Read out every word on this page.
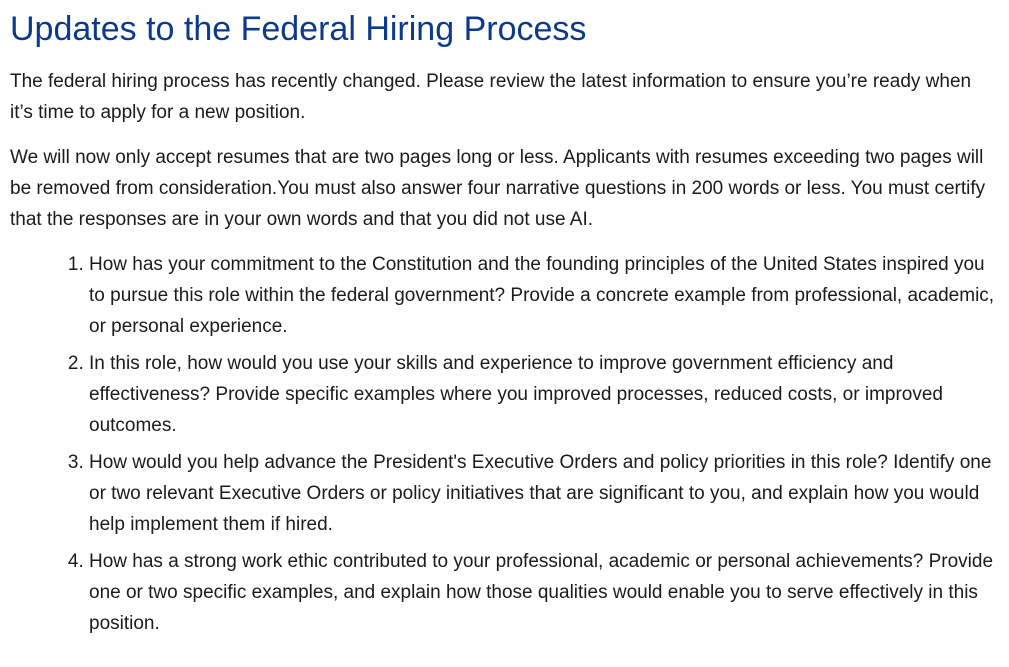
Updates to the Federal Hiring Process

The federal hiring process has recently changed. Please review the latest information to ensure you’re ready when it’s time to apply for a new position.

We will now only accept resumes that are two pages long or less. Applicants with resumes exceeding two pages will be removed from consideration.You must also answer four narrative questions in 200 words or less. You must certify that the responses are in your own words and that you did not use AI.

1. How has your commitment to the Constitution and the founding principles of the United States inspired you to pursue this role within the federal government? Provide a concrete example from professional, academic, or personal experience.
2. In this role, how would you use your skills and experience to improve government efficiency and effectiveness? Provide specific examples where you improved processes, reduced costs, or improved outcomes.
3. How would you help advance the President's Executive Orders and policy priorities in this role? Identify one or two relevant Executive Orders or policy initiatives that are significant to you, and explain how you would help implement them if hired.
4. How has a strong work ethic contributed to your professional, academic or personal achievements? Provide one or two specific examples, and explain how those qualities would enable you to serve effectively in this position.
